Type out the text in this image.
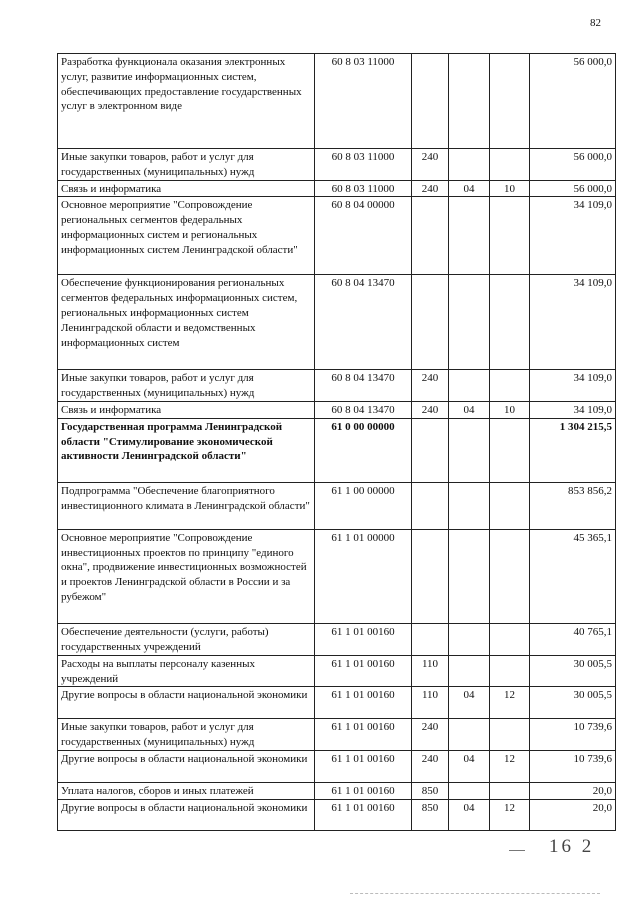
82
Разработка функционала оказания электронных услуг, развитие информационных систем, обеспечивающих предоставление государственных услуг в электронном виде	60 8 03 11000				56 000,0
Иные закупки товаров, работ и услуг для государственных (муниципальных) нужд	60 8 03 11000	240			56 000,0
Связь и информатика	60 8 03 11000	240	04	10	56 000,0
Основное мероприятие "Сопровождение региональных сегментов федеральных информационных систем и региональных информационных систем Ленинградской области"	60 8 04 00000				34 109,0
Обеспечение функционирования региональных сегментов федеральных информационных систем, региональных информационных систем Ленинградской области и ведомственных информационных систем	60 8 04 13470				34 109,0
Иные закупки товаров, работ и услуг для государственных (муниципальных) нужд	60 8 04 13470	240			34 109,0
Связь и информатика	60 8 04 13470	240	04	10	34 109,0
Государственная программа Ленинградской области "Стимулирование экономической активности Ленинградской области"	61 0 00 00000				1 304 215,5
Подпрограмма "Обеспечение благоприятного инвестиционного климата в Ленинградской области"	61 1 00 00000				853 856,2
Основное мероприятие "Сопровождение инвестиционных проектов по принципу "единого окна", продвижение инвестиционных возможностей и проектов Ленинградской области в России и за рубежом"	61 1 01 00000				45 365,1
Обеспечение деятельности (услуги, работы) государственных учреждений	61 1 01 00160				40 765,1
Расходы на выплаты персоналу казенных учреждений	61 1 01 00160	110			30 005,5
Другие вопросы в области национальной экономики	61 1 01 00160	110	04	12	30 005,5
Иные закупки товаров, работ и услуг для государственных (муниципальных) нужд	61 1 01 00160	240			10 739,6
Другие вопросы в области национальной экономики	61 1 01 00160	240	04	12	10 739,6
Уплата налогов, сборов и иных платежей	61 1 01 00160	850			20,0
Другие вопросы в области национальной экономики	61 1 01 00160	850	04	12	20,0
16 2
